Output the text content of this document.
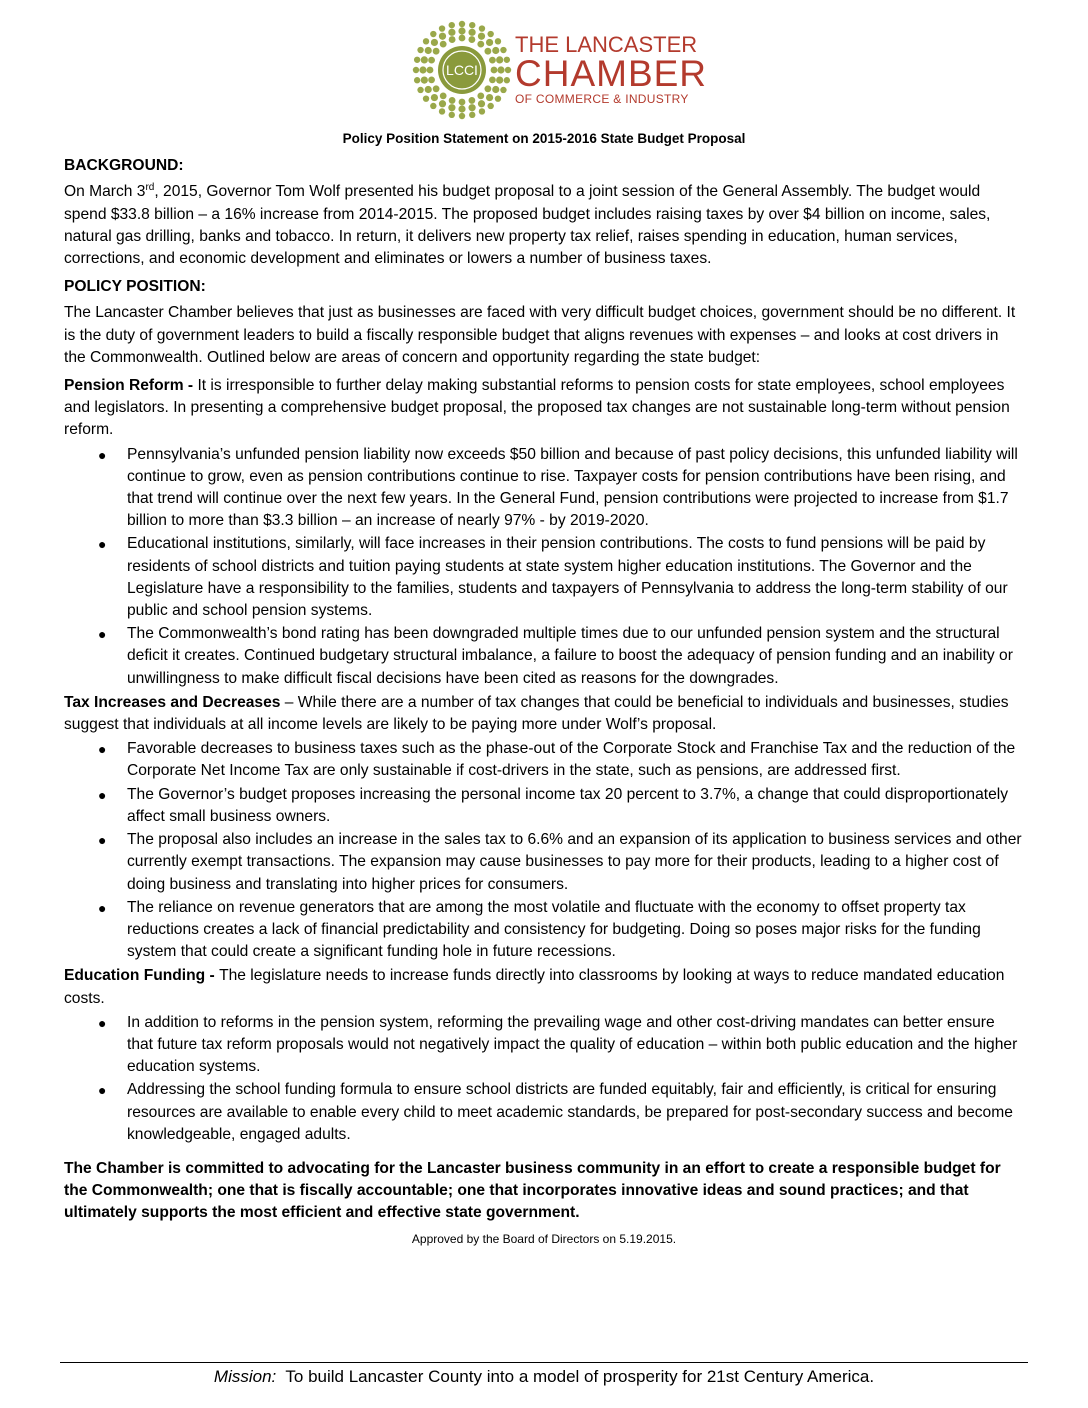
LCCI
THE LANCASTER
CHAMBER
OF COMMERCE & INDUSTRY
Policy Position Statement on 2015-2016 State Budget Proposal
BACKGROUND:

On March 3rd, 2015, Governor Tom Wolf presented his budget proposal to a joint session of the General Assembly. The budget would spend $33.8 billion – a 16% increase from 2014-2015. The proposed budget includes raising taxes by over $4 billion on income, sales, natural gas drilling, banks and tobacco. In return, it delivers new property tax relief, raises spending in education, human services, corrections, and economic development and eliminates or lowers a number of business taxes.

POLICY POSITION:

The Lancaster Chamber believes that just as businesses are faced with very difficult budget choices, government should be no different. It is the duty of government leaders to build a fiscally responsible budget that aligns revenues with expenses – and looks at cost drivers in the Commonwealth. Outlined below are areas of concern and opportunity regarding the state budget:

Pension Reform - It is irresponsible to further delay making substantial reforms to pension costs for state employees, school employees and legislators. In presenting a comprehensive budget proposal, the proposed tax changes are not sustainable long-term without pension reform.

● Pennsylvania’s unfunded pension liability now exceeds $50 billion and because of past policy decisions, this unfunded liability will continue to grow, even as pension contributions continue to rise. Taxpayer costs for pension contributions have been rising, and that trend will continue over the next few years. In the General Fund, pension contributions were projected to increase from $1.7 billion to more than $3.3 billion – an increase of nearly 97% - by 2019-2020.
● Educational institutions, similarly, will face increases in their pension contributions. The costs to fund pensions will be paid by residents of school districts and tuition paying students at state system higher education institutions. The Governor and the Legislature have a responsibility to the families, students and taxpayers of Pennsylvania to address the long-term stability of our public and school pension systems.
● The Commonwealth’s bond rating has been downgraded multiple times due to our unfunded pension system and the structural deficit it creates. Continued budgetary structural imbalance, a failure to boost the adequacy of pension funding and an inability or unwillingness to make difficult fiscal decisions have been cited as reasons for the downgrades.

Tax Increases and Decreases – While there are a number of tax changes that could be beneficial to individuals and businesses, studies suggest that individuals at all income levels are likely to be paying more under Wolf’s proposal.

● Favorable decreases to business taxes such as the phase-out of the Corporate Stock and Franchise Tax and the reduction of the Corporate Net Income Tax are only sustainable if cost-drivers in the state, such as pensions, are addressed first.
● The Governor’s budget proposes increasing the personal income tax 20 percent to 3.7%, a change that could disproportionately affect small business owners.
● The proposal also includes an increase in the sales tax to 6.6% and an expansion of its application to business services and other currently exempt transactions. The expansion may cause businesses to pay more for their products, leading to a higher cost of doing business and translating into higher prices for consumers.
● The reliance on revenue generators that are among the most volatile and fluctuate with the economy to offset property tax reductions creates a lack of financial predictability and consistency for budgeting. Doing so poses major risks for the funding system that could create a significant funding hole in future recessions.

Education Funding - The legislature needs to increase funds directly into classrooms by looking at ways to reduce mandated education costs.

● In addition to reforms in the pension system, reforming the prevailing wage and other cost-driving mandates can better ensure that future tax reform proposals would not negatively impact the quality of education – within both public education and the higher education systems.
● Addressing the school funding formula to ensure school districts are funded equitably, fair and efficiently, is critical for ensuring resources are available to enable every child to meet academic standards, be prepared for post-secondary success and become knowledgeable, engaged adults.
The Chamber is committed to advocating for the Lancaster business community in an effort to create a responsible budget for the Commonwealth; one that is fiscally accountable; one that incorporates innovative ideas and sound practices; and that ultimately supports the most efficient and effective state government.
Approved by the Board of Directors on 5.19.2015.
Mission: To build Lancaster County into a model of prosperity for 21st Century America.
